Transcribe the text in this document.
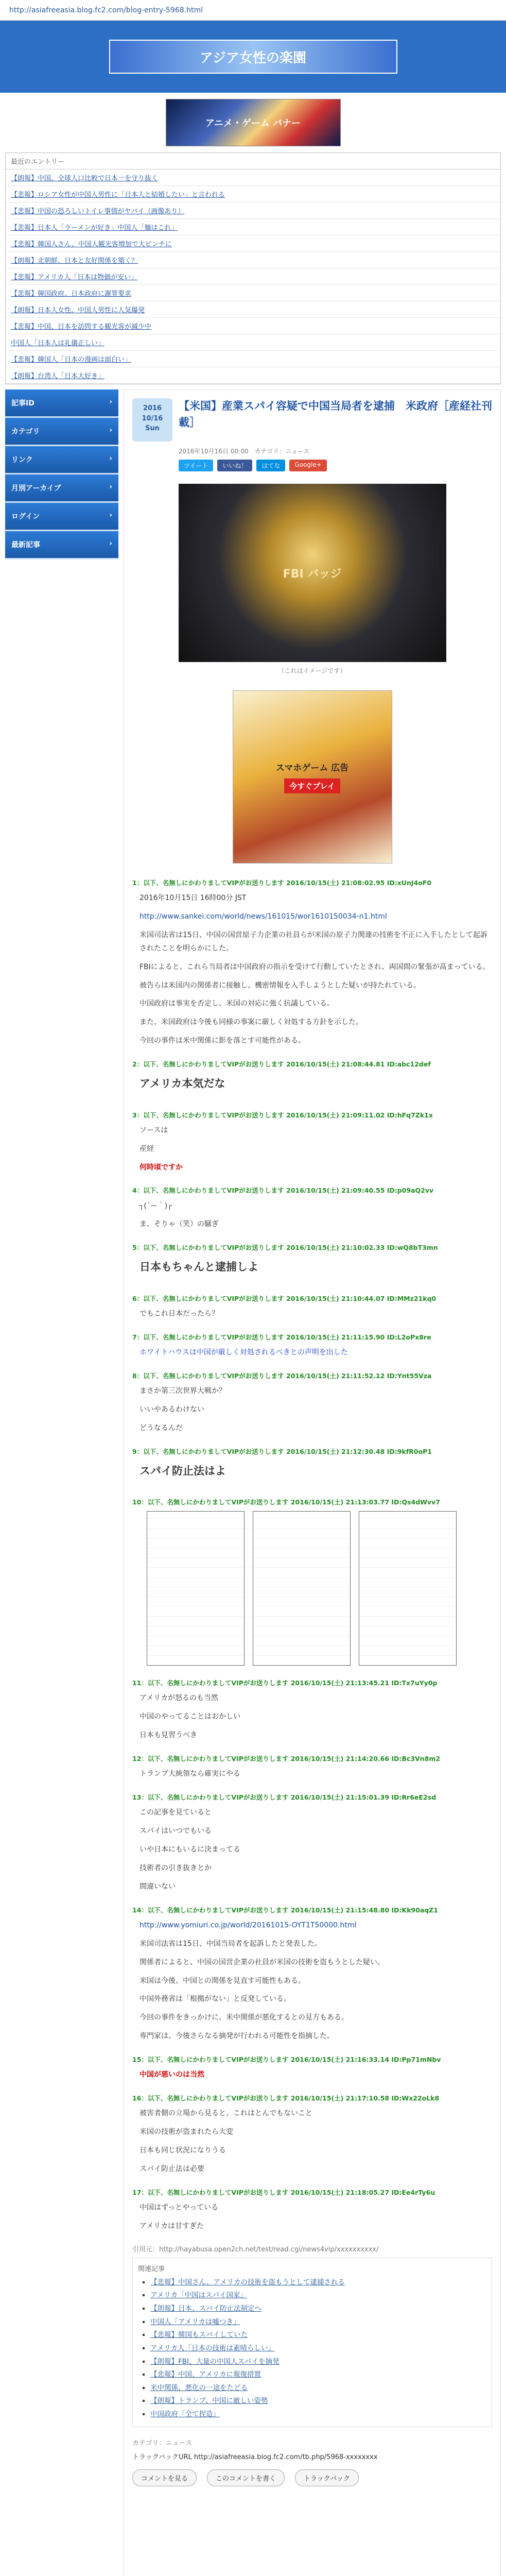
http://asiafreeasia.blog.fc2.com/blog-entry-5968.html
アジア女性の楽園
アニメ・ゲーム バナー
最近のエントリー
【朗報】中国、全球人口比較で日本一を守り抜く
【悲報】ロシア女性が中国人男性に「日本人と結婚したい」と言われる
【悲報】中国の恐ろしいトイレ事情がヤバイ（画像あり）
【悲報】日本人「ラーメンが好き」中国人「麺はこれ」
【悲報】韓国人さん、中国人観光客増加で大ピンチに
【朗報】北朝鮮、日本と友好関係を築く？
【悲報】アメリカ人「日本は物価が安い」
【悲報】韓国政府、日本政府に謝罪要求
【朗報】日本人女性、中国人男性に人気爆発
【悲報】中国、日本を訪問する観光客が減少中
中国人「日本人は礼儀正しい」
【悲報】韓国人「日本の漫画は面白い」
【朗報】台湾人「日本大好き」
記事ID	›
カテゴリ	›
リンク	›
月別アーカイブ	›
ログイン	›
最新記事	›
2016
10/16
Sun
【米国】産業スパイ容疑で中国当局者を逮捕　米政府［産経社刊載］
2016年10月16日 00:00　カテゴリ：ニュース
ツイート	いいね！	はてな	Google+
FBI バッジ
（これはイメージです）
スマホゲーム 広告
今すぐプレイ
1：以下、名無しにかわりましてVIPがお送りします 2016/10/15(土) 21:08:02.95 ID:xUnJ4oF0

2016年10月15日 16時00分 JST

http://www.sankei.com/world/news/161015/wor1610150034-n1.html

米国司法省は15日、中国の国営原子力企業の社員らが米国の原子力関連の技術を不正に入手したとして起訴されたことを明らかにした。

FBIによると、これら当局者は中国政府の指示を受けて行動していたとされ、両国間の緊張が高まっている。

被告らは米国内の関係者に接触し、機密情報を入手しようとした疑いが持たれている。

中国政府は事実を否定し、米国の対応に強く抗議している。

また、米国政府は今後も同様の事案に厳しく対処する方針を示した。

今回の事件は米中関係に影を落とす可能性がある。

2：以下、名無しにかわりましてVIPがお送りします 2016/10/15(土) 21:08:44.81 ID:abc12def
アメリカ本気だな
3：以下、名無しにかわりましてVIPがお送りします 2016/10/15(土) 21:09:11.02 ID:hFq7Zk1x

ソースは

産経

何時頃ですか

4：以下、名無しにかわりましてVIPがお送りします 2016/10/15(土) 21:09:40.55 ID:p09aQ2vv

┐(´ー｀)┌

ま、そりゃ（笑）の騒ぎ

5：以下、名無しにかわりましてVIPがお送りします 2016/10/15(土) 21:10:02.33 ID:wQ8bT3mn
日本もちゃんと逮捕しよ
6：以下、名無しにかわりましてVIPがお送りします 2016/10/15(土) 21:10:44.07 ID:MMz21kq0

でもこれ日本だったら？

7：以下、名無しにかわりましてVIPがお送りします 2016/10/15(土) 21:11:15.90 ID:L2oPx8re

ホワイトハウスは中国が厳しく対処されるべきとの声明を出した

8：以下、名無しにかわりましてVIPがお送りします 2016/10/15(土) 21:11:52.12 ID:Ynt55Vza

まさか第三次世界大戦か？

いいやあるわけない

どうなるんだ

9：以下、名無しにかわりましてVIPがお送りします 2016/10/15(土) 21:12:30.48 ID:9kfR0oP1
スパイ防止法はよ
10：以下、名無しにかわりましてVIPがお送りします 2016/10/15(土) 21:13:03.77 ID:Qs4dWvv7
11：以下、名無しにかわりましてVIPがお送りします 2016/10/15(土) 21:13:45.21 ID:Tx7uYy0p

アメリカが怒るのも当然

中国のやってることはおかしい

日本も見習うべき

12：以下、名無しにかわりましてVIPがお送りします 2016/10/15(土) 21:14:20.66 ID:Bc3Vn8m2

トランプ大統領なら確実にやる

13：以下、名無しにかわりましてVIPがお送りします 2016/10/15(土) 21:15:01.39 ID:Rr6eE2sd

この記事を見ていると

スパイはいつでもいる

いや日本にもいるに決まってる

技術者の引き抜きとか

間違いない

14：以下、名無しにかわりましてVIPがお送りします 2016/10/15(土) 21:15:48.80 ID:Kk90aqZ1

http://www.yomiuri.co.jp/world/20161015-OYT1T50000.html

米国司法省は15日、中国当局者を起訴したと発表した。

関係者によると、中国の国営企業の社員が米国の技術を盗もうとした疑い。

米国は今後、中国との関係を見直す可能性もある。

中国外務省は「根拠がない」と反発している。

今回の事件をきっかけに、米中関係が悪化するとの見方もある。

専門家は、今後さらなる摘発が行われる可能性を指摘した。

15：以下、名無しにかわりましてVIPがお送りします 2016/10/15(土) 21:16:33.14 ID:Pp71mNbv

中国が悪いのは当然

16：以下、名無しにかわりましてVIPがお送りします 2016/10/15(土) 21:17:10.58 ID:Wx22oLk8

被害者側の立場から見ると、これはとんでもないこと

米国の技術が盗まれたら大変

日本も同じ状況になりうる

スパイ防止法は必要

17：以下、名無しにかわりましてVIPがお送りします 2016/10/15(土) 21:18:05.27 ID:Ee4rTy6u

中国はずっとやっている

アメリカは甘すぎた

引用元：http://hayabusa.open2ch.net/test/read.cgi/news4vip/xxxxxxxxxx/
関連記事
▪ 【悲報】中国さん、アメリカの技術を盗もうとして逮捕される
▪ アメリカ「中国はスパイ国家」
▪ 【朗報】日本、スパイ防止法制定へ
▪ 中国人「アメリカは嘘つき」
▪ 【悲報】韓国もスパイしていた
▪ アメリカ人「日本の技術は素晴らしい」
▪ 【朗報】FBI、大量の中国人スパイを摘発
▪ 【悲報】中国、アメリカに報復措置
▪ 米中関係、悪化の一途をたどる
▪ 【朗報】トランプ、中国に厳しい姿勢
▪ 中国政府「全て捏造」
カテゴリ：ニュース
トラックバックURL http://asiafreeasia.blog.fc2.com/tb.php/5968-xxxxxxxx
コメントを見る	このコメントを書く	トラックバック
